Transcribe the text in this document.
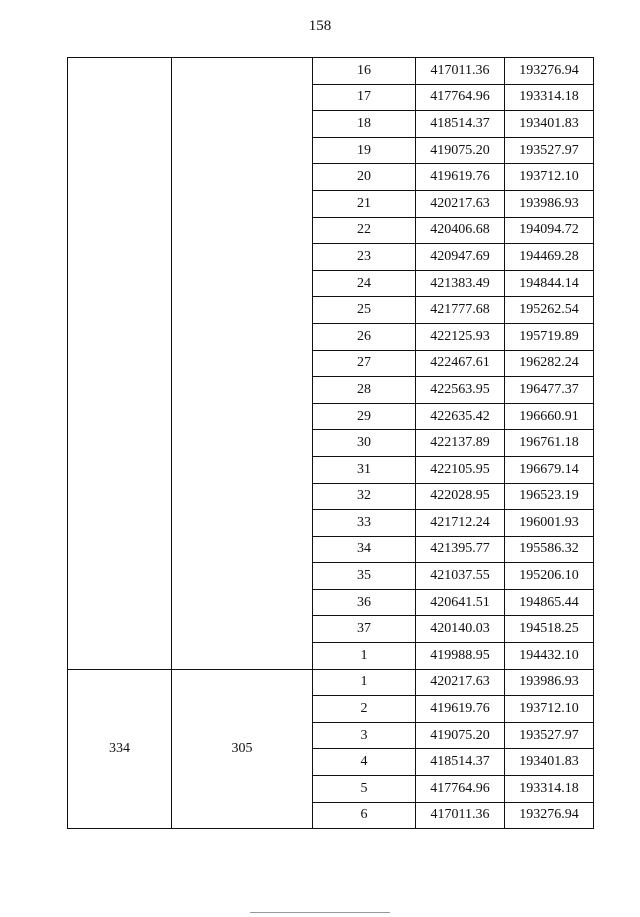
158
		16	417011.36	193276.94
		17	417764.96	193314.18
		18	418514.37	193401.83
		19	419075.20	193527.97
		20	419619.76	193712.10
		21	420217.63	193986.93
		22	420406.68	194094.72
		23	420947.69	194469.28
		24	421383.49	194844.14
		25	421777.68	195262.54
		26	422125.93	195719.89
		27	422467.61	196282.24
		28	422563.95	196477.37
		29	422635.42	196660.91
		30	422137.89	196761.18
		31	422105.95	196679.14
		32	422028.95	196523.19
		33	421712.24	196001.93
		34	421395.77	195586.32
		35	421037.55	195206.10
		36	420641.51	194865.44
		37	420140.03	194518.25
		1	419988.95	194432.10
334	305	1	420217.63	193986.93
		2	419619.76	193712.10
		3	419075.20	193527.97
		4	418514.37	193401.83
		5	417764.96	193314.18
		6	417011.36	193276.94
